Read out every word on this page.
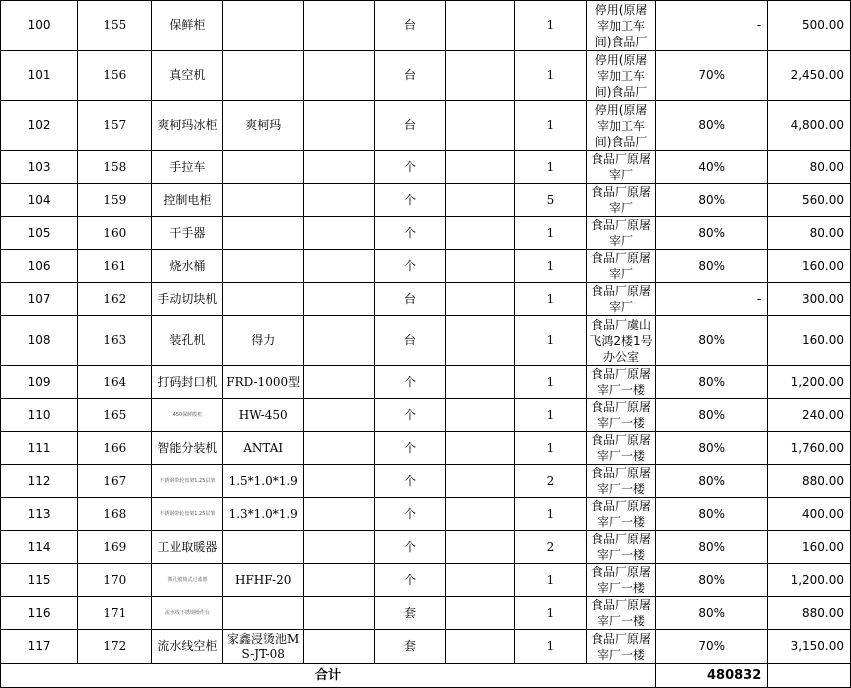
100	155	保鲜柜			台		1	停用(原屠宰加工车间)食品厂	-	500.00
101	156	真空机			台		1	停用(原屠宰加工车间)食品厂	70%	2,450.00
102	157	爽柯玛冰柜	爽柯玛		台		1	停用(原屠宰加工车间)食品厂	80%	4,800.00
103	158	手拉车			个		1	食品厂原屠宰厂	40%	80.00
104	159	控制电柜			个		5	食品厂原屠宰厂	80%	560.00
105	160	干手器			个		1	食品厂原屠宰厂	80%	80.00
106	161	烧水桶			个		1	食品厂原屠宰厂	80%	160.00
107	162	手动切块机			台		1	食品厂原屠宰厂	-	300.00
108	163	装孔机	得力		台		1	食品厂虞山飞鸿2楼1号办公室	80%	160.00
109	164	打码封口机	FRD-1000型		个		1	食品厂原屠宰厂一楼	80%	1,200.00
110	165	450保鲜膜机	HW-450		个		1	食品厂原屠宰厂一楼	80%	240.00
111	166	智能分装机	ANTAI		个		1	食品厂原屠宰厂一楼	80%	1,760.00
112	167	不锈钢带轮盘架1.25层架	1.5*1.0*1.9		个		2	食品厂原屠宰厂一楼	80%	880.00
113	168	不锈钢带轮盘架1.25层架	1.3*1.0*1.9		个		1	食品厂原屠宰厂一楼	80%	400.00
114	169	工业取暖器			个		2	食品厂原屠宰厂一楼	80%	160.00
115	170	微孔膜筒式过滤器	HFHF-20		个		1	食品厂原屠宰厂一楼	80%	1,200.00
116	171	流水线不锈钢操作台			套		1	食品厂原屠宰厂一楼	80%	880.00
117	172	流水线空柜	家鑫浸烫池MS-JT-08		套		1	食品厂原屠宰厂一楼	70%	3,150.00
合计									480832	
